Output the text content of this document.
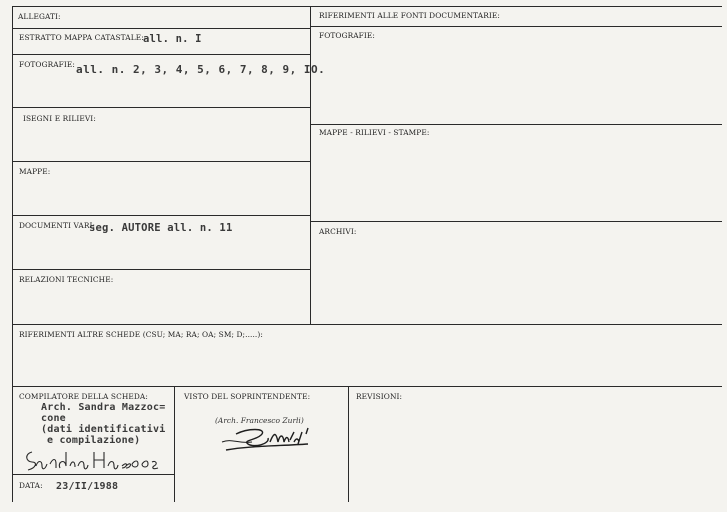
ALLEGATI:
ESTRATTO MAPPA CATASTALE: all. n. I
FOTOGRAFIE: all. n. 2, 3, 4, 5, 6, 7, 8, 9, IO.
ISEGNI E RILIEVI:
MAPPE:
DOCUMENTI VARI:
seg. AUTORE all. n. 11
RELAZIONI TECNICHE:
RIFERIMENTI ALLE FONTI DOCUMENTARIE:
FOTOGRAFIE:
MAPPE - RILIEVI - STAMPE:
ARCHIVI:
RIFERIMENTI ALTRE SCHEDE (CSU; MA; RA; OA; SM; D;.....):
COMPILATORE DELLA SCHEDA:
Arch. Sandra Mazzoc=
cone
(dati identificativi
e compilazione)
Sandra Mazzoccone
DATA: 23/II/1988
VISTO DEL SOPRINTENDENTE:
(Arch. Francesco Zurli)
REVISIONI:
